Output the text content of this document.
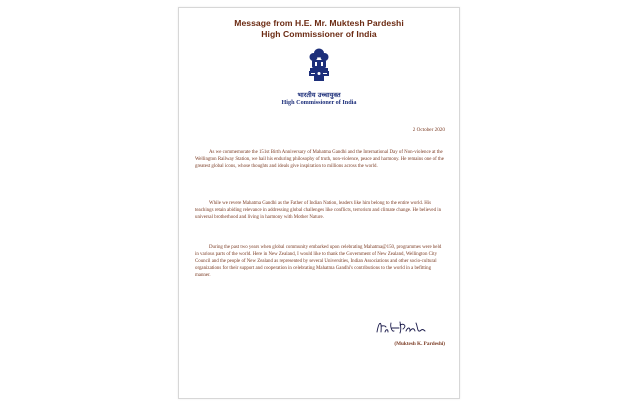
Message from H.E. Mr. Muktesh Pardeshi
High Commissioner of India
भारतीय उच्चायुक्त
High Commissioner of India
2 October 2020

As we commemorate the 151st Birth Anniversary of Mahatma Gandhi and the International Day of Non-violence at the Wellington Railway Station, we hail his enduring philosophy of truth, non-violence, peace and harmony. He remains one of the greatest global icons, whose thoughts and ideals give inspiration to millions across the world.

While we revere Mahatma Gandhi as the Father of Indian Nation, leaders like him belong to the entire world. His teachings retain abiding relevance in addressing global challenges like conflicts, terrorism and climate change. He believed in universal brotherhood and living in harmony with Mother Nature.

During the past two years when global community embarked upon celebrating Mahatma@150, programmes were held in various parts of the world. Here in New Zealand, I would like to thank the Government of New Zealand, Wellington City Council and the people of New Zealand as represented by several Universities, Indian Associations and other socio-cultural organizations for their support and cooperation in celebrating Mahatma Gandhi's contributions to the world in a befitting manner.

(Muktesh K. Pardeshi)
